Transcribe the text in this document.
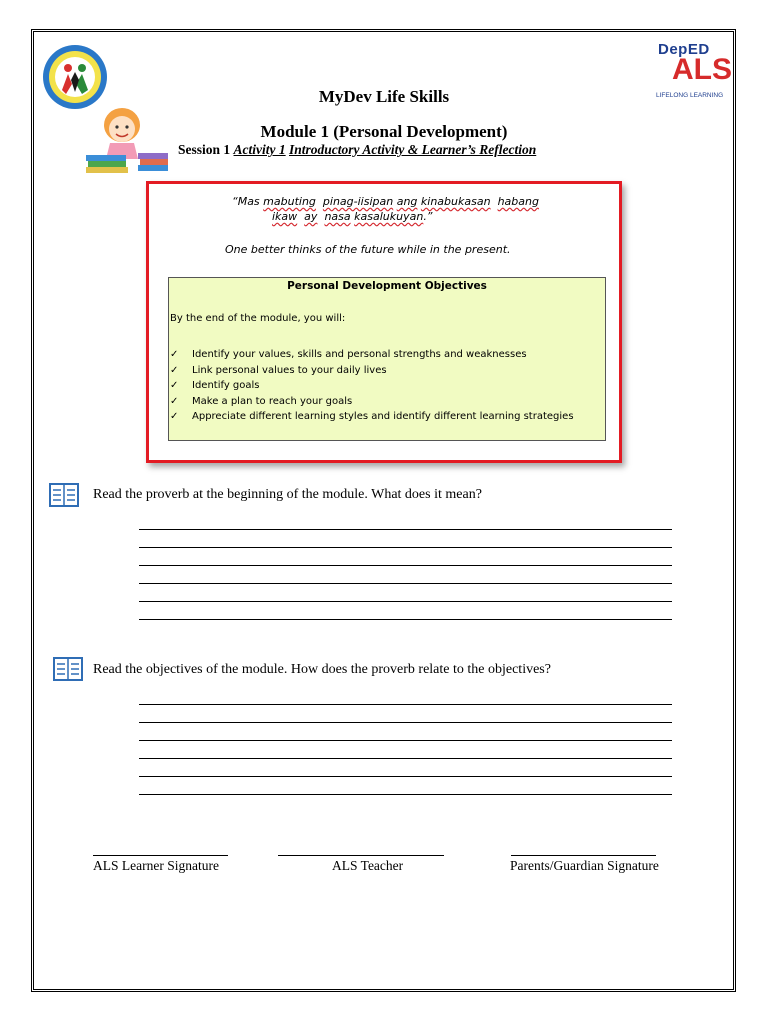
DepED
ALS
LIFELONG LEARNING
MyDev Life Skills
Module 1 (Personal Development)
Session 1 Activity 1 Introductory Activity & Learner’s Reflection
“Mas mabuting pinag-iisipan ang kinabukasan habang
ikaw ay nasa kasalukuyan.”
One better thinks of the future while in the present.
Personal Development Objectives
By the end of the module, you will:
✓ Identify your values, skills and personal strengths and weaknesses
✓ Link personal values to your daily lives
✓ Identify goals
✓ Make a plan to reach your goals
✓ Appreciate different learning styles and identify different learning strategies
Read the proverb at the beginning of the module. What does it mean?
Read the objectives of the module. How does the proverb relate to the objectives?
ALS Learner Signature	ALS Teacher	Parents/Guardian Signature
